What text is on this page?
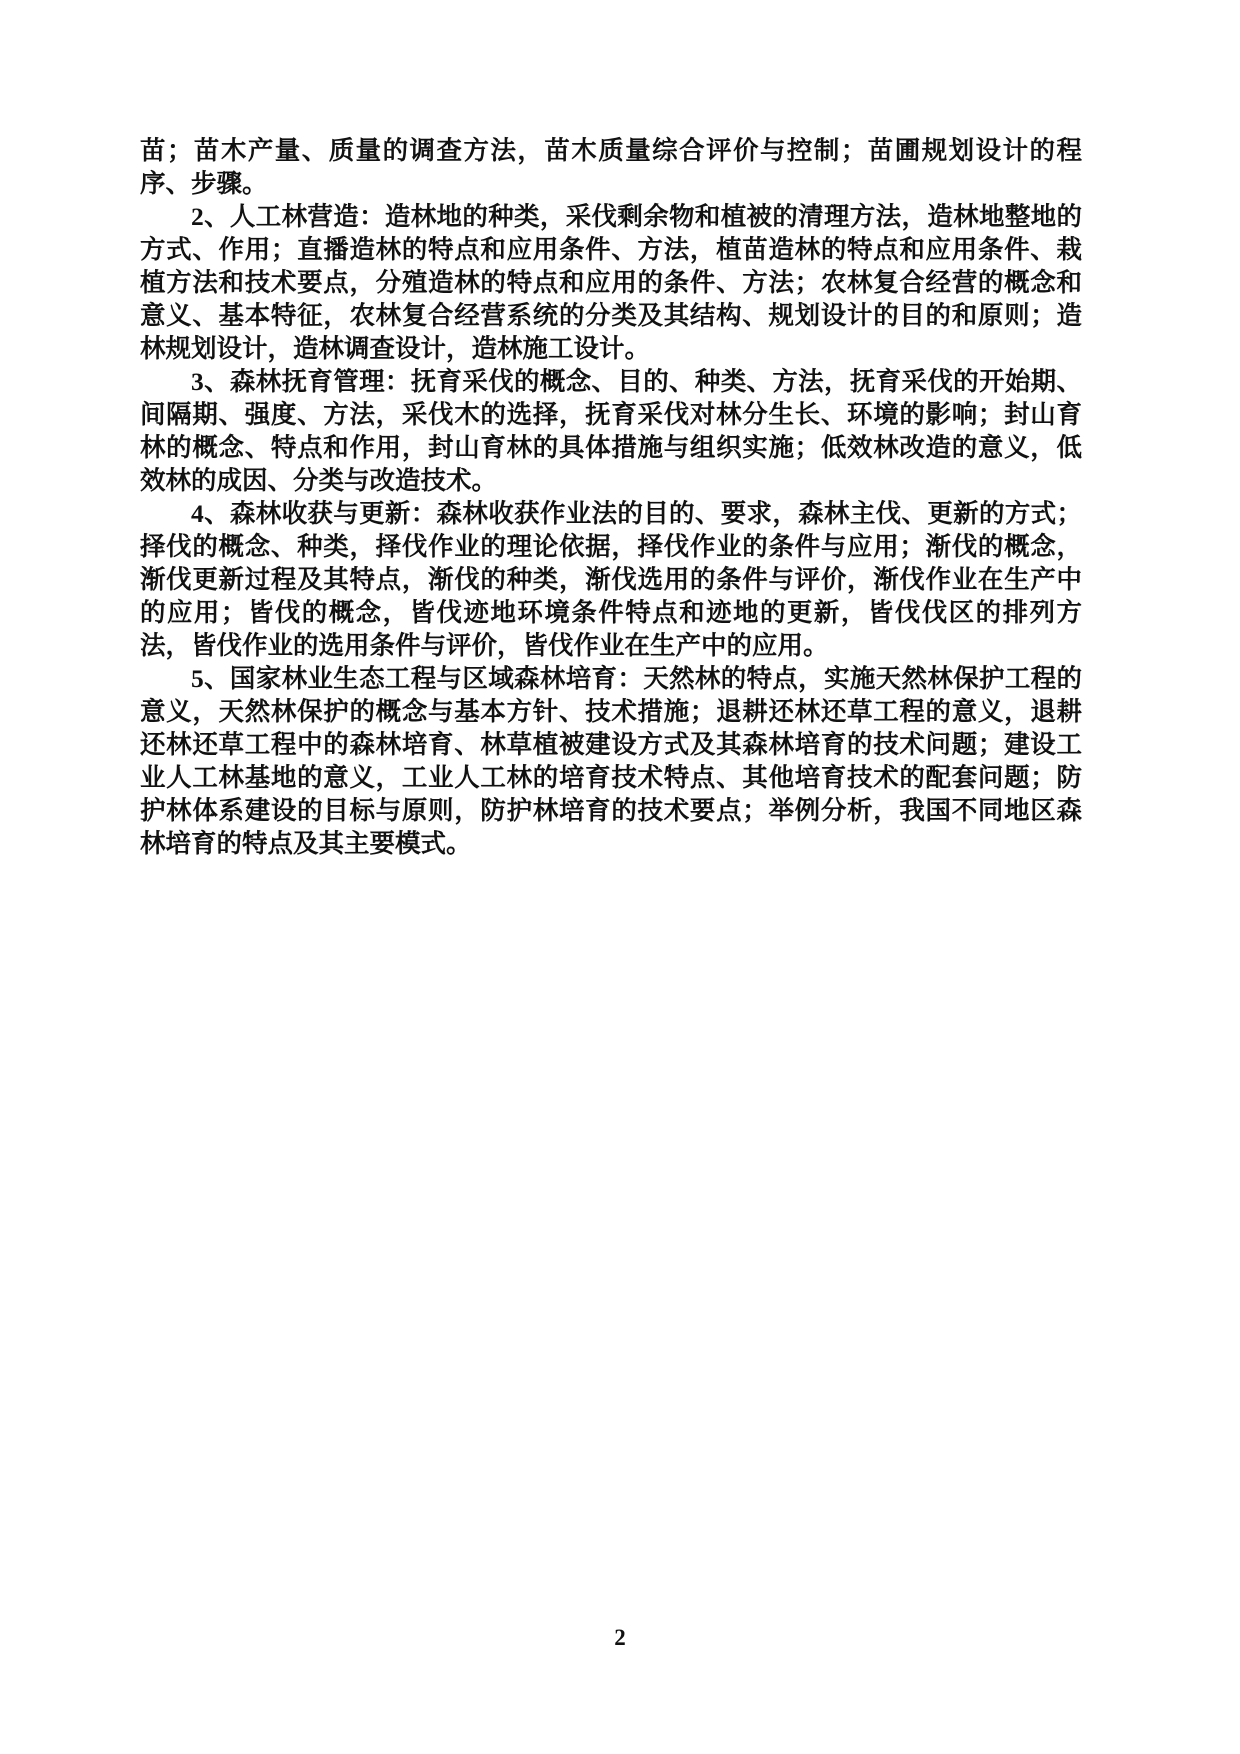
苗；苗木产量、质量的调查方法，苗木质量综合评价与控制；苗圃规划设计的程序、步骤。

2、人工林营造：造林地的种类，采伐剩余物和植被的清理方法，造林地整地的方式、作用；直播造林的特点和应用条件、方法，植苗造林的特点和应用条件、栽植方法和技术要点，分殖造林的特点和应用的条件、方法；农林复合经营的概念和意义、基本特征，农林复合经营系统的分类及其结构、规划设计的目的和原则；造林规划设计，造林调查设计，造林施工设计。

3、森林抚育管理：抚育采伐的概念、目的、种类、方法，抚育采伐的开始期、间隔期、强度、方法，采伐木的选择，抚育采伐对林分生长、环境的影响；封山育林的概念、特点和作用，封山育林的具体措施与组织实施；低效林改造的意义，低效林的成因、分类与改造技术。

4、森林收获与更新：森林收获作业法的目的、要求，森林主伐、更新的方式；择伐的概念、种类，择伐作业的理论依据，择伐作业的条件与应用；渐伐的概念，渐伐更新过程及其特点，渐伐的种类，渐伐选用的条件与评价，渐伐作业在生产中的应用；皆伐的概念，皆伐迹地环境条件特点和迹地的更新，皆伐伐区的排列方法，皆伐作业的选用条件与评价，皆伐作业在生产中的应用。

5、国家林业生态工程与区域森林培育：天然林的特点，实施天然林保护工程的意义，天然林保护的概念与基本方针、技术措施；退耕还林还草工程的意义，退耕还林还草工程中的森林培育、林草植被建设方式及其森林培育的技术问题；建设工业人工林基地的意义，工业人工林的培育技术特点、其他培育技术的配套问题；防护林体系建设的目标与原则，防护林培育的技术要点；举例分析，我国不同地区森林培育的特点及其主要模式。

2
